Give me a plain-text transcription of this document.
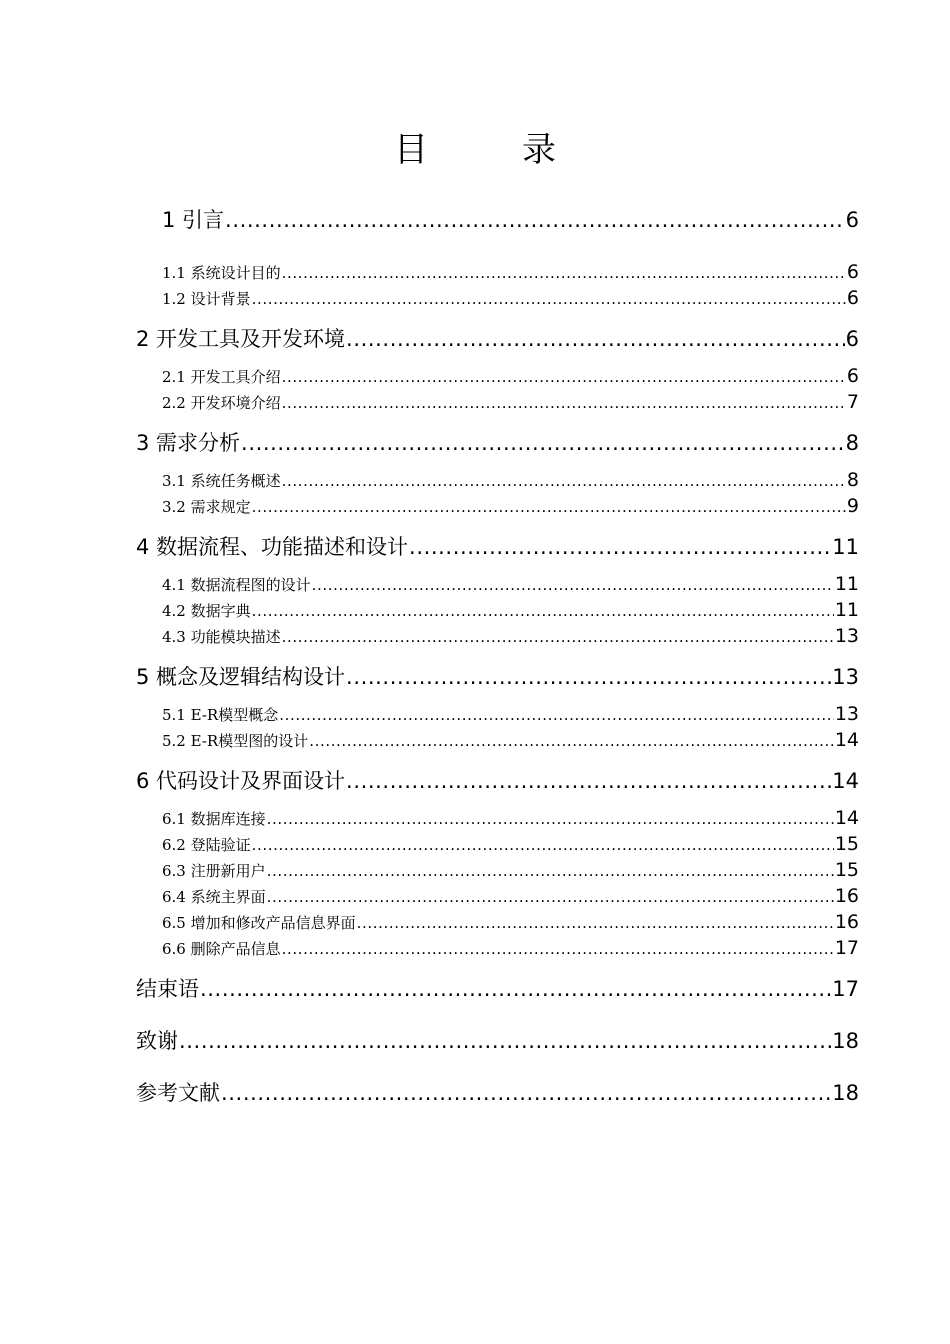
目　录
1 引言 .....	6
1.1 系统设计目的 .....	6
1.2 设计背景 .....	6
2 开发工具及开发环境 .....	6
2.1 开发工具介绍 .....	6
2.2 开发环境介绍 .....	7
3 需求分析 .....	8
3.1 系统任务概述 .....	8
3.2 需求规定 .....	9
4 数据流程、功能描述和设计 .....	11
4.1 数据流程图的设计 .....	11
4.2 数据字典 .....	11
4.3 功能模块描述 .....	13
5 概念及逻辑结构设计 .....	13
5.1 E-R模型概念 .....	13
5.2 E-R模型图的设计 .....	14
6 代码设计及界面设计 .....	14
6.1 数据库连接 .....	14
6.2 登陆验证 .....	15
6.3 注册新用户 .....	15
6.4 系统主界面 .....	16
6.5 增加和修改产品信息界面 .....	16
6.6 删除产品信息 .....	17
结束语 .....	17
致谢 .....	18
参考文献 .....	18
